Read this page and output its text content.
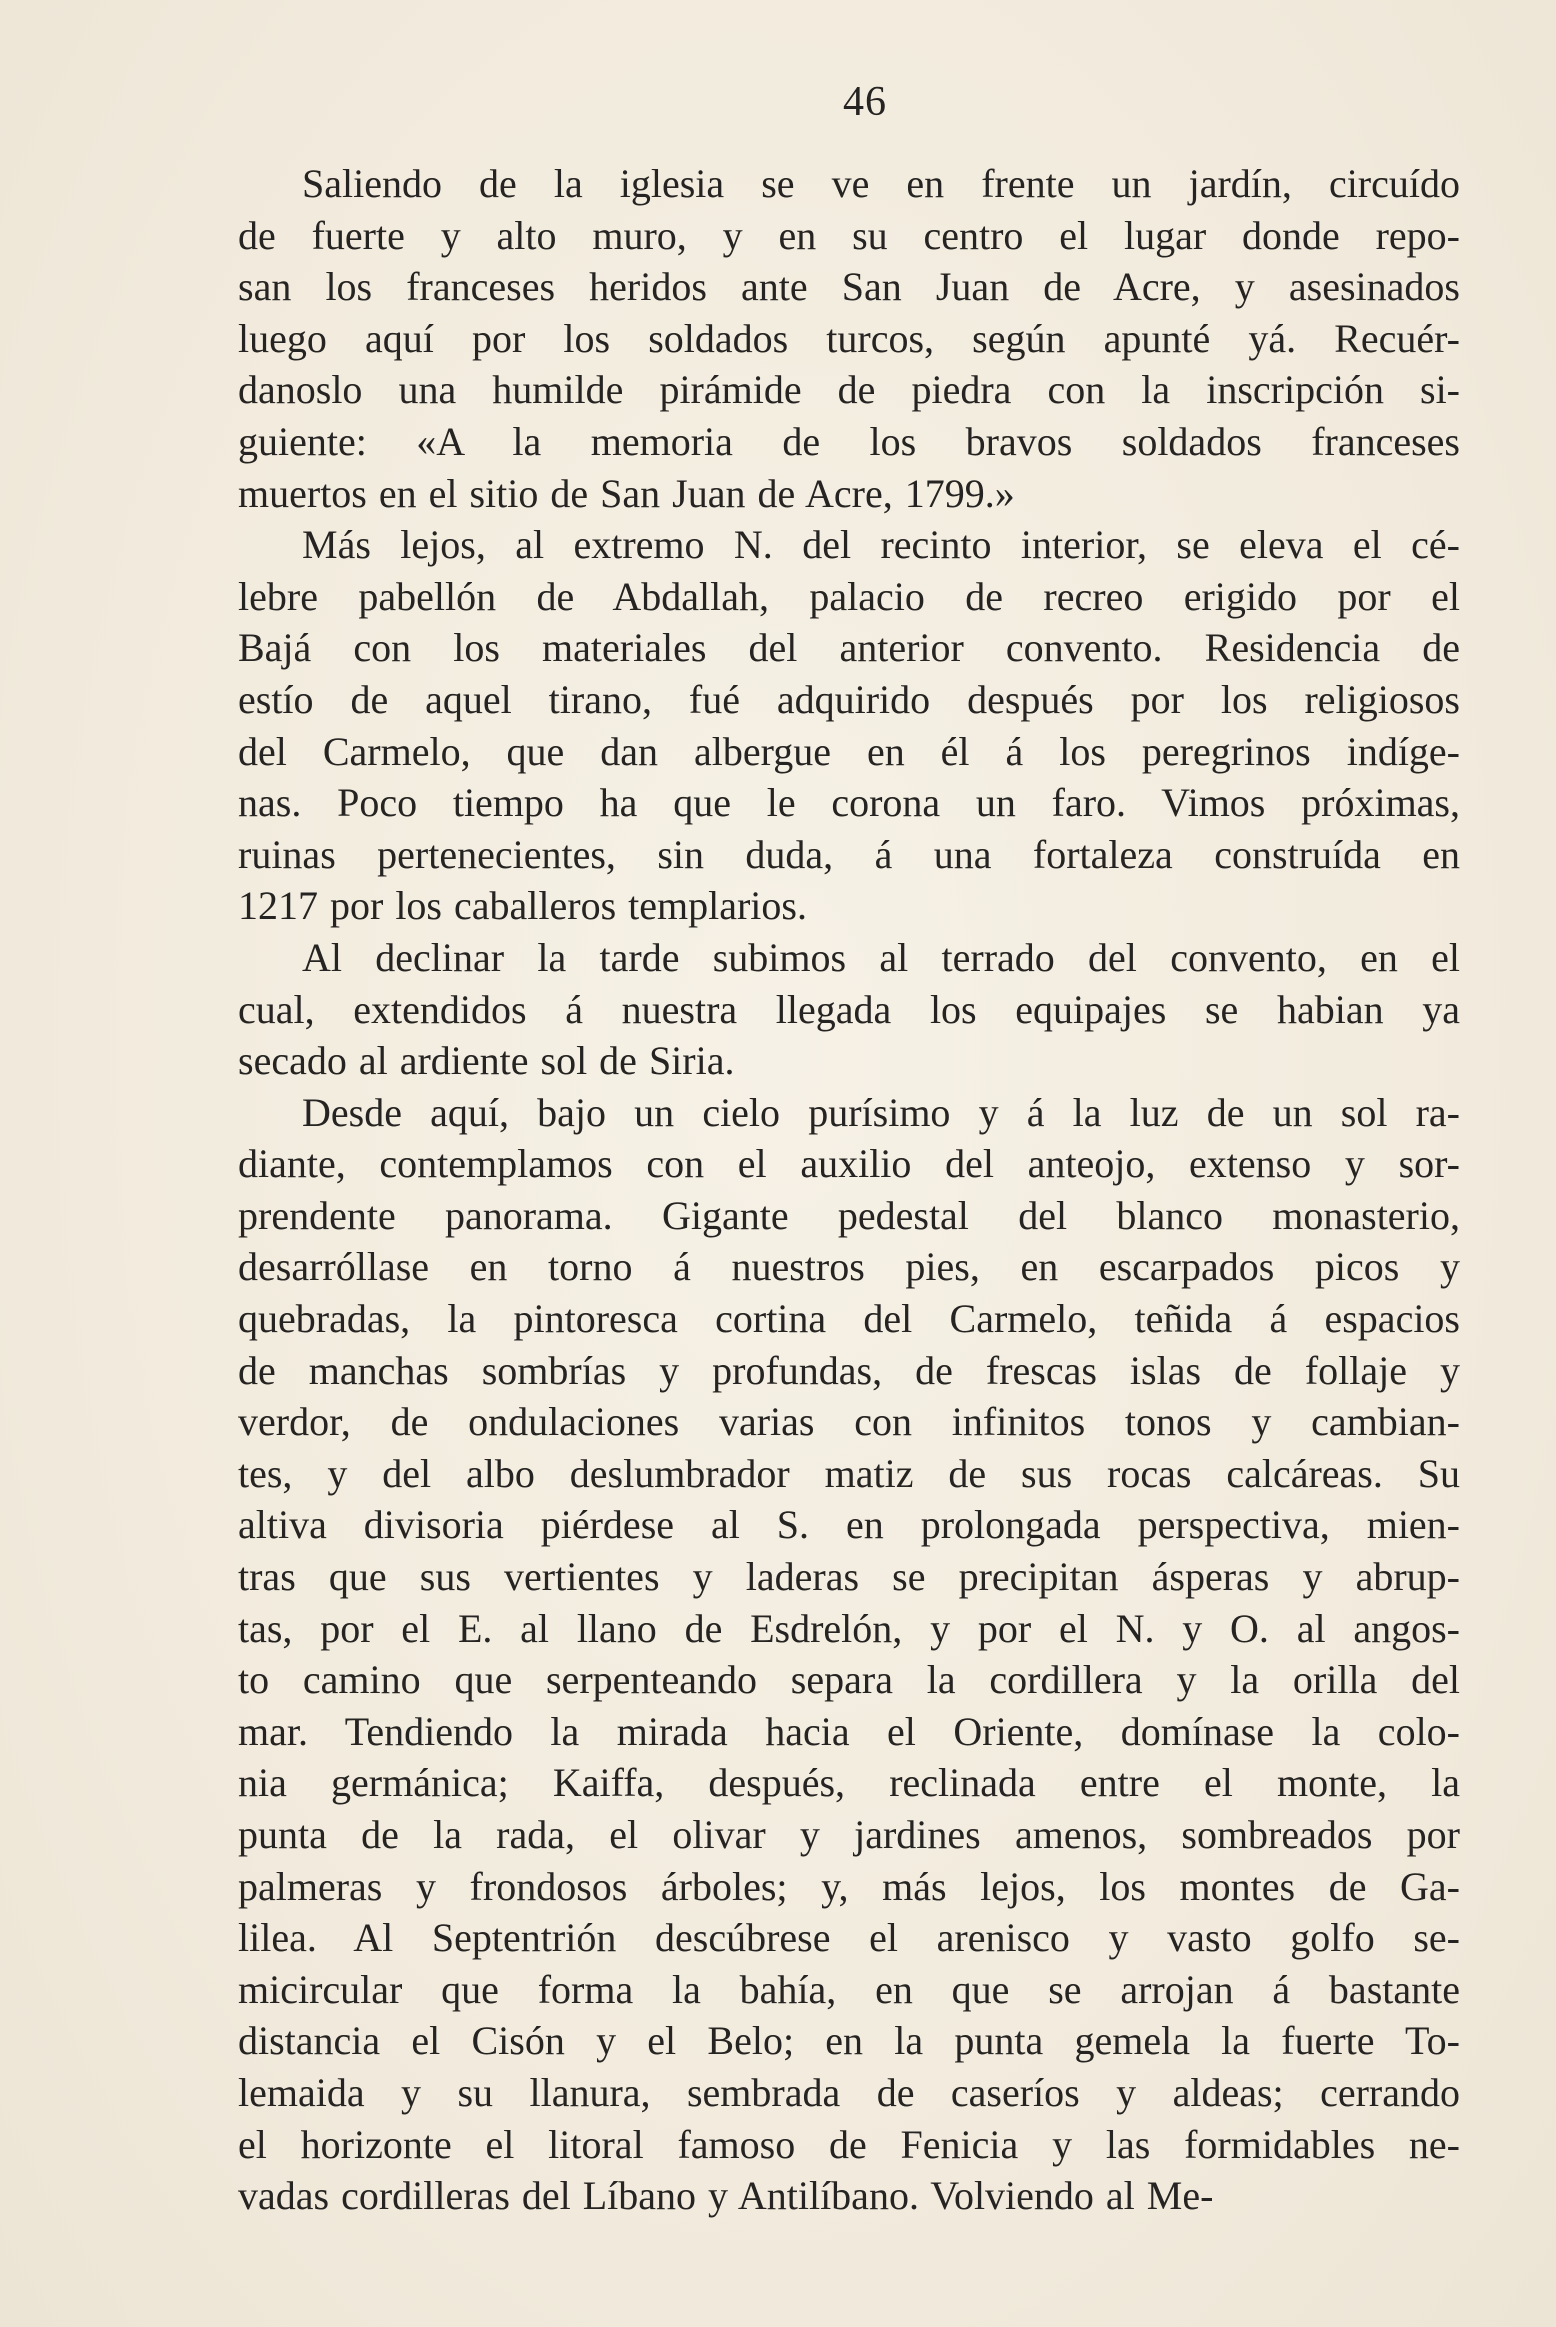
46
Saliendo de la iglesia se ve en frente un jardín, circuído
de fuerte y alto muro, y en su centro el lugar donde repo-
san los franceses heridos ante San Juan de Acre, y asesinados
luego aquí por los soldados turcos, según apunté yá. Recuér-
danoslo una humilde pirámide de piedra con la inscripción si-
guiente: «A la memoria de los bravos soldados franceses
muertos en el sitio de San Juan de Acre, 1799.»
Más lejos, al extremo N. del recinto interior, se eleva el cé-
lebre pabellón de Abdallah, palacio de recreo erigido por el
Bajá con los materiales del anterior convento. Residencia de
estío de aquel tirano, fué adquirido después por los religiosos
del Carmelo, que dan albergue en él á los peregrinos indíge-
nas. Poco tiempo ha que le corona un faro. Vimos próximas,
ruinas pertenecientes, sin duda, á una fortaleza construída en
1217 por los caballeros templarios.
Al declinar la tarde subimos al terrado del convento, en el
cual, extendidos á nuestra llegada los equipajes se habian ya
secado al ardiente sol de Siria.
Desde aquí, bajo un cielo purísimo y á la luz de un sol ra-
diante, contemplamos con el auxilio del anteojo, extenso y sor-
prendente panorama. Gigante pedestal del blanco monasterio,
desarróllase en torno á nuestros pies, en escarpados picos y
quebradas, la pintoresca cortina del Carmelo, teñida á espacios
de manchas sombrías y profundas, de frescas islas de follaje y
verdor, de ondulaciones varias con infinitos tonos y cambian-
tes, y del albo deslumbrador matiz de sus rocas calcáreas. Su
altiva divisoria piérdese al S. en prolongada perspectiva, mien-
tras que sus vertientes y laderas se precipitan ásperas y abrup-
tas, por el E. al llano de Esdrelón, y por el N. y O. al angos-
to camino que serpenteando separa la cordillera y la orilla del
mar. Tendiendo la mirada hacia el Oriente, domínase la colo-
nia germánica; Kaiffa, después, reclinada entre el monte, la
punta de la rada, el olivar y jardines amenos, sombreados por
palmeras y frondosos árboles; y, más lejos, los montes de Ga-
lilea. Al Septentrión descúbrese el arenisco y vasto golfo se-
micircular que forma la bahía, en que se arrojan á bastante
distancia el Cisón y el Belo; en la punta gemela la fuerte To-
lemaida y su llanura, sembrada de caseríos y aldeas; cerrando
el horizonte el litoral famoso de Fenicia y las formidables ne-
vadas cordilleras del Líbano y Antilíbano. Volviendo al Me-
